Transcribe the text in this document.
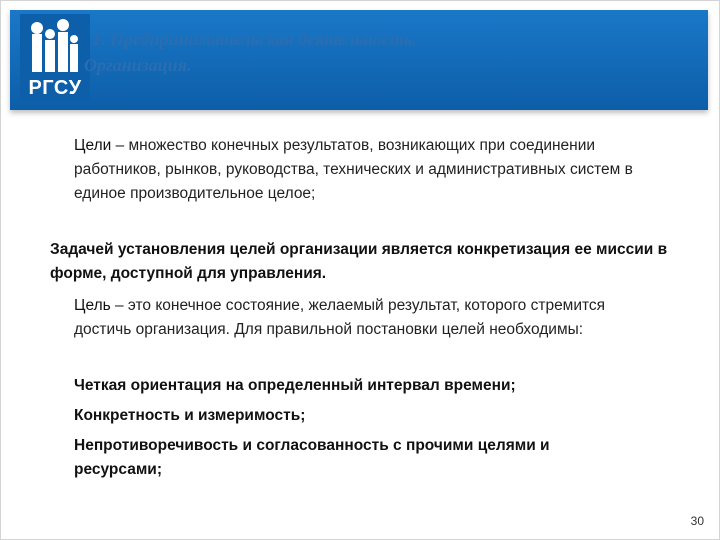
РГСУ
1. Предпринимательская деятельность.
Организация.

Цели – множество конечных результатов, возникающих при соединении работников, рынков, руководства, технических и административных систем в единое производительное целое;

Задачей установления целей организации является конкретизация ее миссии в форме, доступной для управления.

Цель – это конечное состояние, желаемый результат, которого стремится достичь организация. Для правильной постановки целей необходимы:

Четкая ориентация на определенный интервал времени;

Конкретность и измеримость;

Непротиворечивость и согласованность с прочими целями и ресурсами;

30
